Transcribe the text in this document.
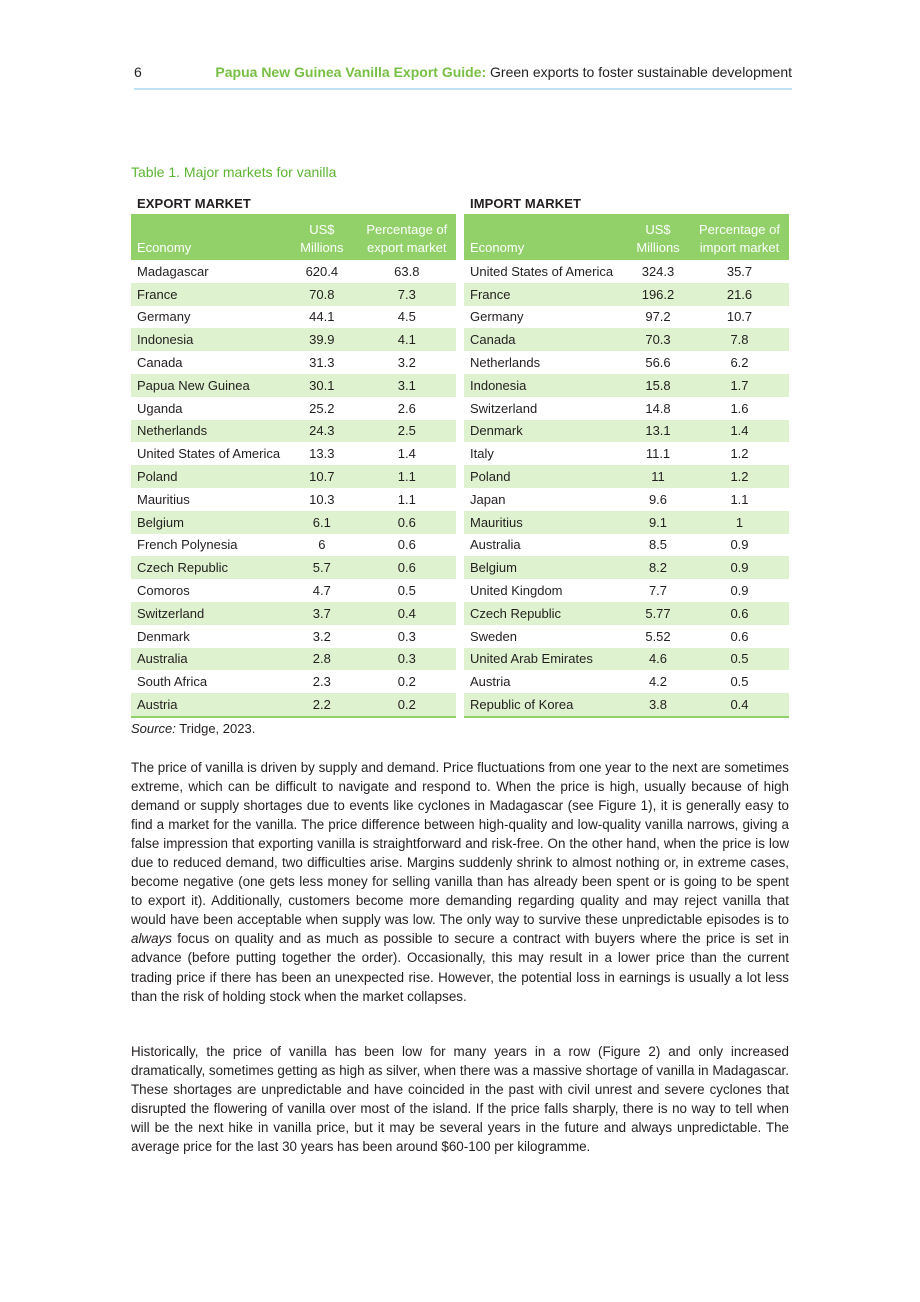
6	Papua New Guinea Vanilla Export Guide: Green exports to foster sustainable development
Table 1. Major markets for vanilla
EXPORT MARKET	IMPORT MARKET
Economy	US$ Millions	Percentage of export market
Madagascar	620.4	63.8
France	70.8	7.3
Germany	44.1	4.5
Indonesia	39.9	4.1
Canada	31.3	3.2
Papua New Guinea	30.1	3.1
Uganda	25.2	2.6
Netherlands	24.3	2.5
United States of America	13.3	1.4
Poland	10.7	1.1
Mauritius	10.3	1.1
Belgium	6.1	0.6
French Polynesia	6	0.6
Czech Republic	5.7	0.6
Comoros	4.7	0.5
Switzerland	3.7	0.4
Denmark	3.2	0.3
Australia	2.8	0.3
South Africa	2.3	0.2
Austria	2.2	0.2
Economy	US$ Millions	Percentage of import market
United States of America	324.3	35.7
France	196.2	21.6
Germany	97.2	10.7
Canada	70.3	7.8
Netherlands	56.6	6.2
Indonesia	15.8	1.7
Switzerland	14.8	1.6
Denmark	13.1	1.4
Italy	11.1	1.2
Poland	11	1.2
Japan	9.6	1.1
Mauritius	9.1	1
Australia	8.5	0.9
Belgium	8.2	0.9
United Kingdom	7.7	0.9
Czech Republic	5.77	0.6
Sweden	5.52	0.6
United Arab Emirates	4.6	0.5
Austria	4.2	0.5
Republic of Korea	3.8	0.4
Source: Tridge, 2023.

The price of vanilla is driven by supply and demand. Price fluctuations from one year to the next are sometimes extreme, which can be difficult to navigate and respond to. When the price is high, usually because of high demand or supply shortages due to events like cyclones in Madagascar (see Figure 1), it is generally easy to find a market for the vanilla. The price difference between high-quality and low-quality vanilla narrows, giving a false impression that exporting vanilla is straightforward and risk-free. On the other hand, when the price is low due to reduced demand, two difficulties arise. Margins suddenly shrink to almost nothing or, in extreme cases, become negative (one gets less money for selling vanilla than has already been spent or is going to be spent to export it). Additionally, customers become more demanding regarding quality and may reject vanilla that would have been acceptable when supply was low. The only way to survive these unpredictable episodes is to always focus on quality and as much as possible to secure a contract with buyers where the price is set in advance (before putting together the order). Occasionally, this may result in a lower price than the current trading price if there has been an unexpected rise. However, the potential loss in earnings is usually a lot less than the risk of holding stock when the market collapses.

Historically, the price of vanilla has been low for many years in a row (Figure 2) and only increased dramatically, sometimes getting as high as silver, when there was a massive shortage of vanilla in Madagascar. These shortages are unpredictable and have coincided in the past with civil unrest and severe cyclones that disrupted the flowering of vanilla over most of the island. If the price falls sharply, there is no way to tell when will be the next hike in vanilla price, but it may be several years in the future and always unpredictable. The average price for the last 30 years has been around $60-100 per kilogramme.
